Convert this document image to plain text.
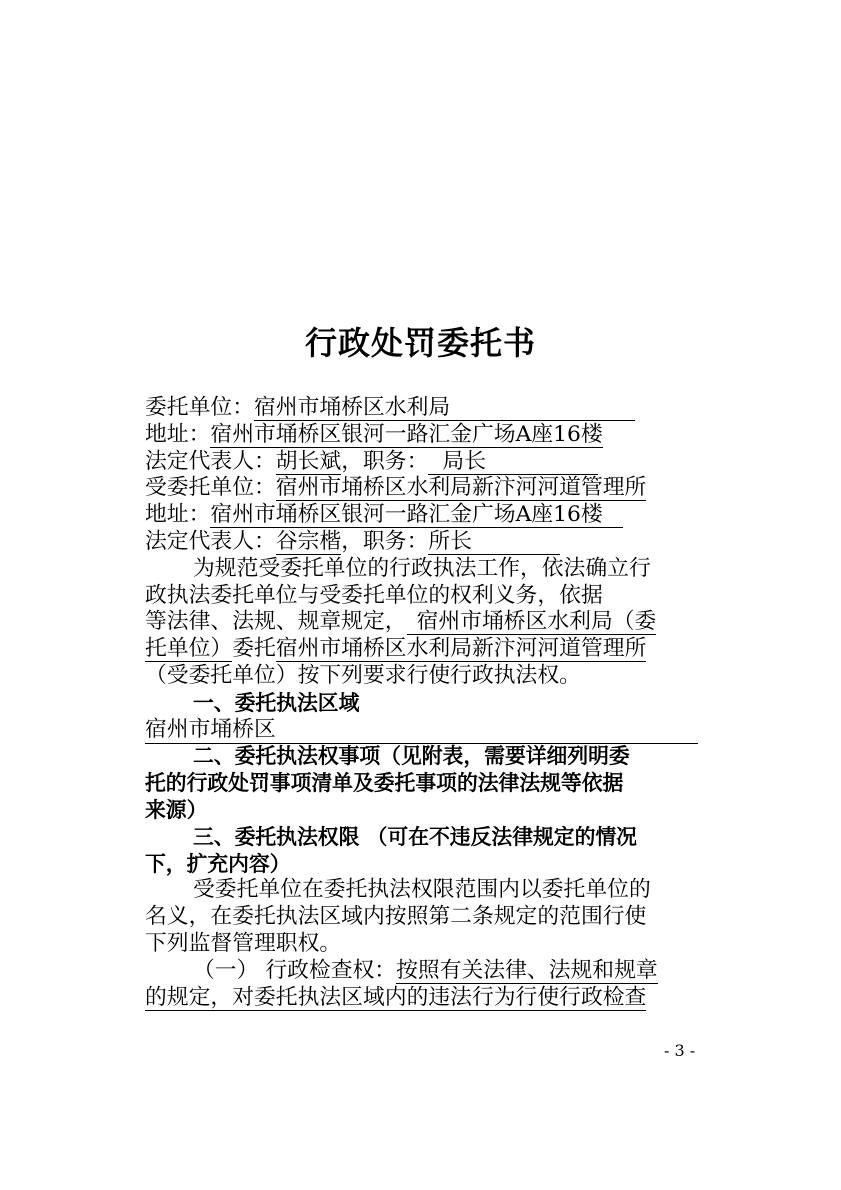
行政处罚委托书
委托单位：宿州市埇桥区水利局
地址：宿州市埇桥区银河一路汇金广场A座16楼
法定代表人：胡长斌，职务： 局长
受委托单位：宿州市埇桥区水利局新汴河河道管理所
地址：宿州市埇桥区银河一路汇金广场A座16楼
法定代表人：谷宗楷，职务：所长
为规范受委托单位的行政执法工作，依法确立行
政执法委托单位与受委托单位的权利义务，依据
等法律、法规、规章规定， 宿州市埇桥区水利局（委
托单位）委托宿州市埇桥区水利局新汴河河道管理所
（受委托单位）按下列要求行使行政执法权。
一、委托执法区域
宿州市埇桥区
二、委托执法权事项（见附表，需要详细列明委
托的行政处罚事项清单及委托事项的法律法规等依据
来源）
三、委托执法权限 （可在不违反法律规定的情况
下，扩充内容）
受委托单位在委托执法权限范围内以委托单位的
名义，在委托执法区域内按照第二条规定的范围行使
下列监督管理职权。
（一） 行政检查权：按照有关法律、法规和规章
的规定，对委托执法区域内的违法行为行使行政检查
- 3 -
